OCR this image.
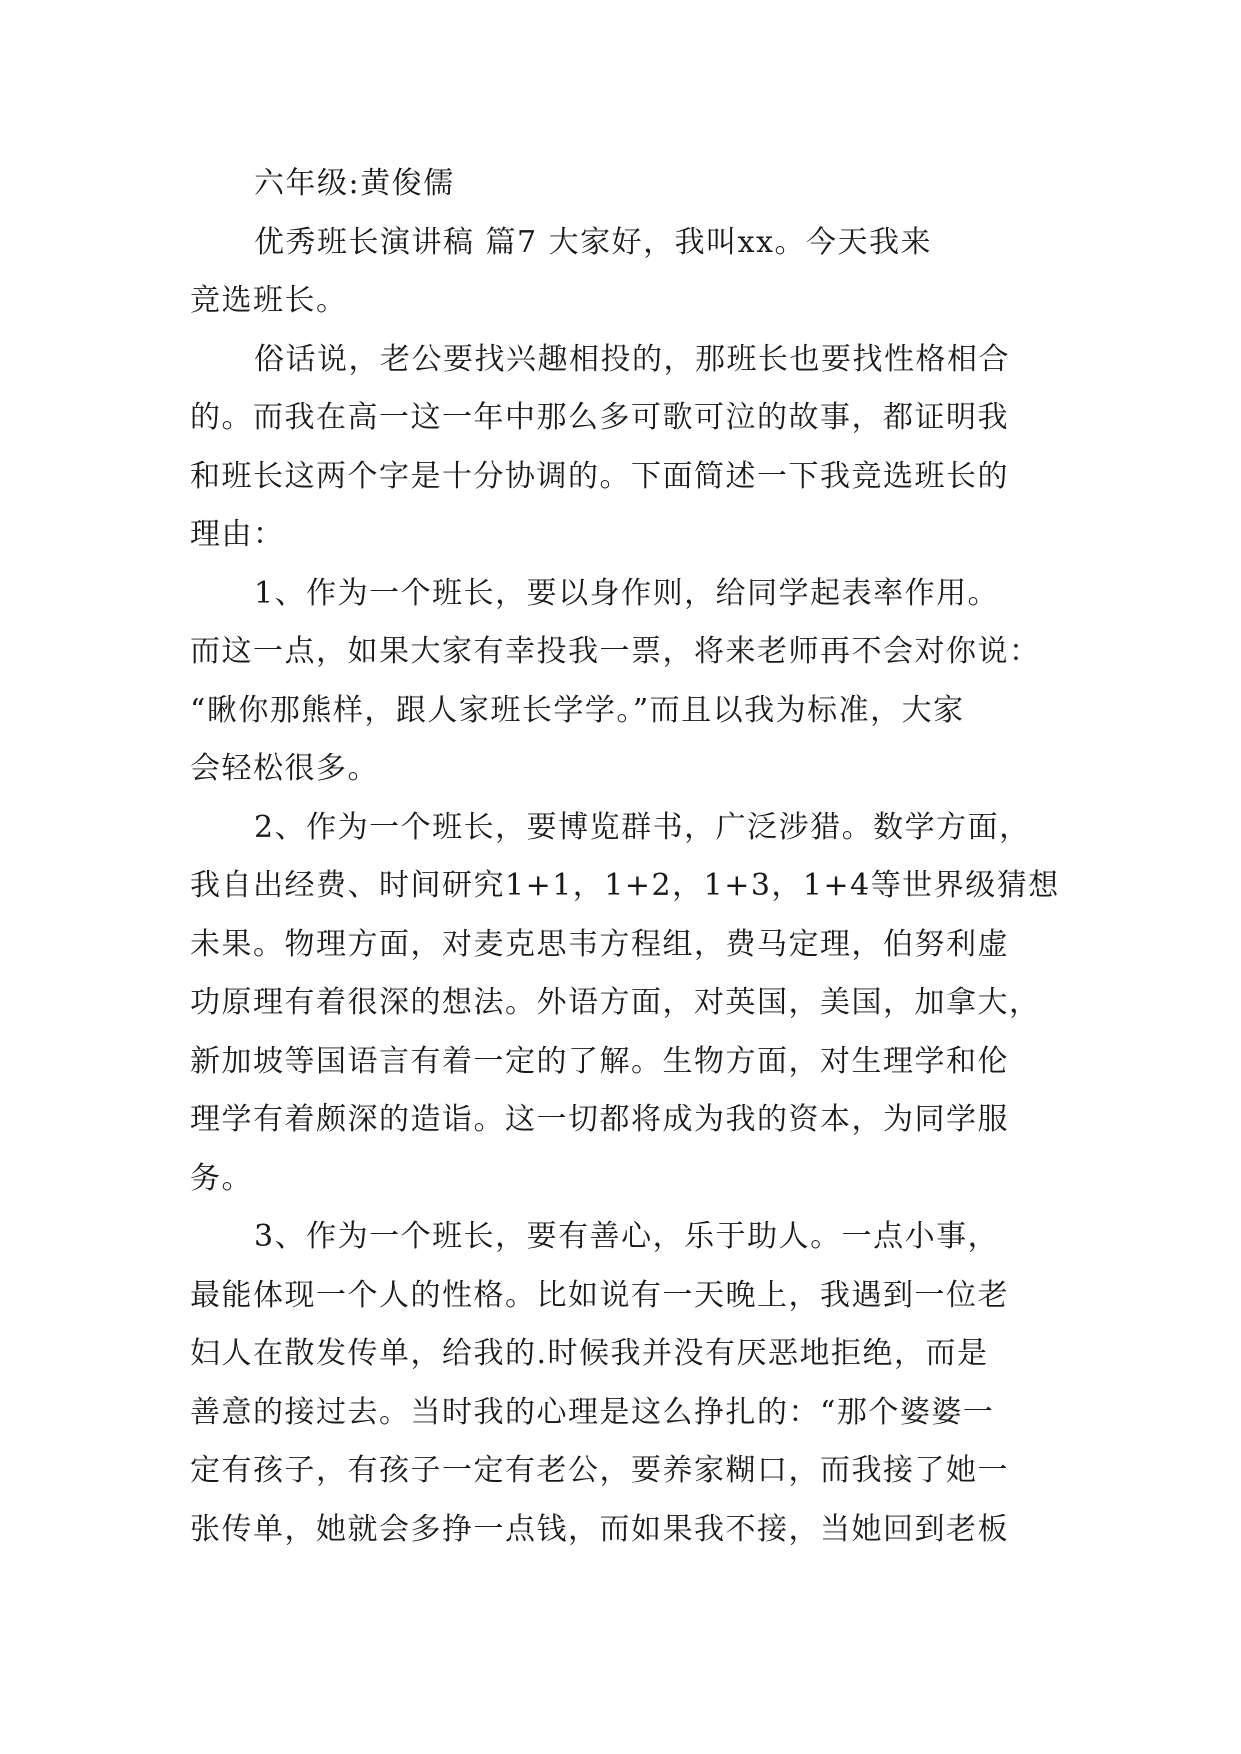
六年级:黄俊儒
优秀班长演讲稿 篇7 大家好，我叫xx。今天我来
竞选班长。
俗话说，老公要找兴趣相投的，那班长也要找性格相合
的。而我在高一这一年中那么多可歌可泣的故事，都证明我
和班长这两个字是十分协调的。下面简述一下我竞选班长的
理由：
1、作为一个班长，要以身作则，给同学起表率作用。
而这一点，如果大家有幸投我一票，将来老师再不会对你说：
“瞅你那熊样，跟人家班长学学。”而且以我为标准，大家
会轻松很多。
2、作为一个班长，要博览群书，广泛涉猎。数学方面，
我自出经费、时间研究1+1，1+2，1+3，1+4等世界级猜想
未果。物理方面，对麦克思韦方程组，费马定理，伯努利虚
功原理有着很深的想法。外语方面，对英国，美国，加拿大，
新加坡等国语言有着一定的了解。生物方面，对生理学和伦
理学有着颇深的造诣。这一切都将成为我的资本，为同学服
务。
3、作为一个班长，要有善心，乐于助人。一点小事，
最能体现一个人的性格。比如说有一天晚上，我遇到一位老
妇人在散发传单，给我的.时候我并没有厌恶地拒绝，而是
善意的接过去。当时我的心理是这么挣扎的：“那个婆婆一
定有孩子，有孩子一定有老公，要养家糊口，而我接了她一
张传单，她就会多挣一点钱，而如果我不接，当她回到老板
